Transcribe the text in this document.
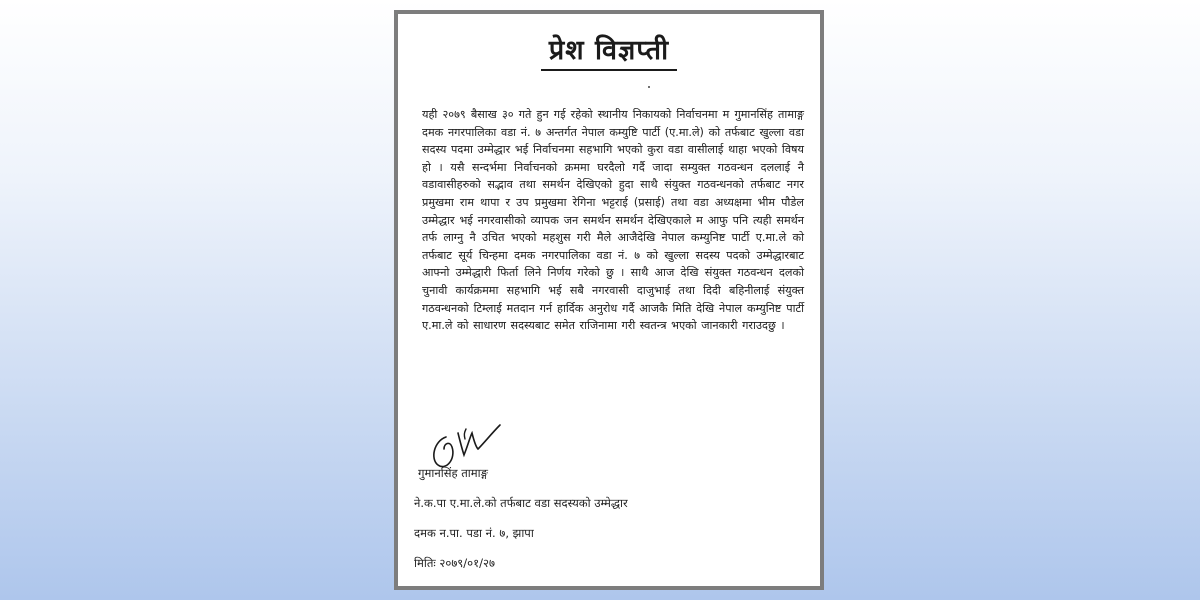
प्रेश विज्ञप्ती

यही २०७९ बैसाख ३० गते हुन गई रहेको स्थानीय निकायको निर्वाचनमा म गुमानसिंह तामाङ्ग दमक नगरपालिका वडा नं. ७ अन्तर्गत नेपाल कम्युष्टि पार्टी (ए.मा.ले) को तर्फबाट खुल्ला वडा सदस्य पदमा उम्मेद्धार भई निर्वाचनमा सहभागि भएको कुरा वडा वासीलाई थाहा भएको विषय हो । यसै सन्दर्भमा निर्वाचनको क्रममा घरदैलो गर्दै जादा सम्युक्त गठवन्धन दललाई नै वडावासीहरुको सद्भाव तथा समर्थन देखिएको हुदा साथै संयुक्त गठवन्धनको तर्फबाट नगर प्रमुखमा राम थापा र उप प्रमुखमा रेगिना भट्टराई (प्रसाई) तथा वडा अध्यक्षमा भीम पौडेल उम्मेद्धार भई नगरवासीको व्यापक जन समर्थन समर्थन देखिएकाले म आफु पनि त्यही समर्थन तर्फ लाग्नु नै उचित भएको महशुस गरी मैले आजैदेखि नेपाल कम्युनिष्ट पार्टी ए.मा.ले को तर्फबाट सूर्य चिन्हमा दमक नगरपालिका वडा नं. ७ को खुल्ला सदस्य पदको उम्मेद्धारबाट आफ्नो उम्मेद्धारी फिर्ता लिने निर्णय गरेको छु । साथै आज देखि संयुक्त गठवन्धन दलको चुनावी कार्यक्रममा सहभागि भई सबै नगरवासी दाजुभाई तथा दिदी बहिनीलाई संयुक्त गठवन्धनको टिम्लाई मतदान गर्न हार्दिक अनुरोध गर्दै आजकै मिति देखि नेपाल कम्युनिष्ट पार्टी ए.मा.ले को साधारण सदस्यबाट समेत राजिनामा गरी स्वतन्त्र भएको जानकारी गराउदछु ।

गुमानसिंह तामाङ्ग
ने.क.पा ए.मा.ले.को तर्फबाट वडा सदस्यको उम्मेद्धार
दमक न.पा. पडा नं. ७, झापा
मितिः २०७९/०१/२७
